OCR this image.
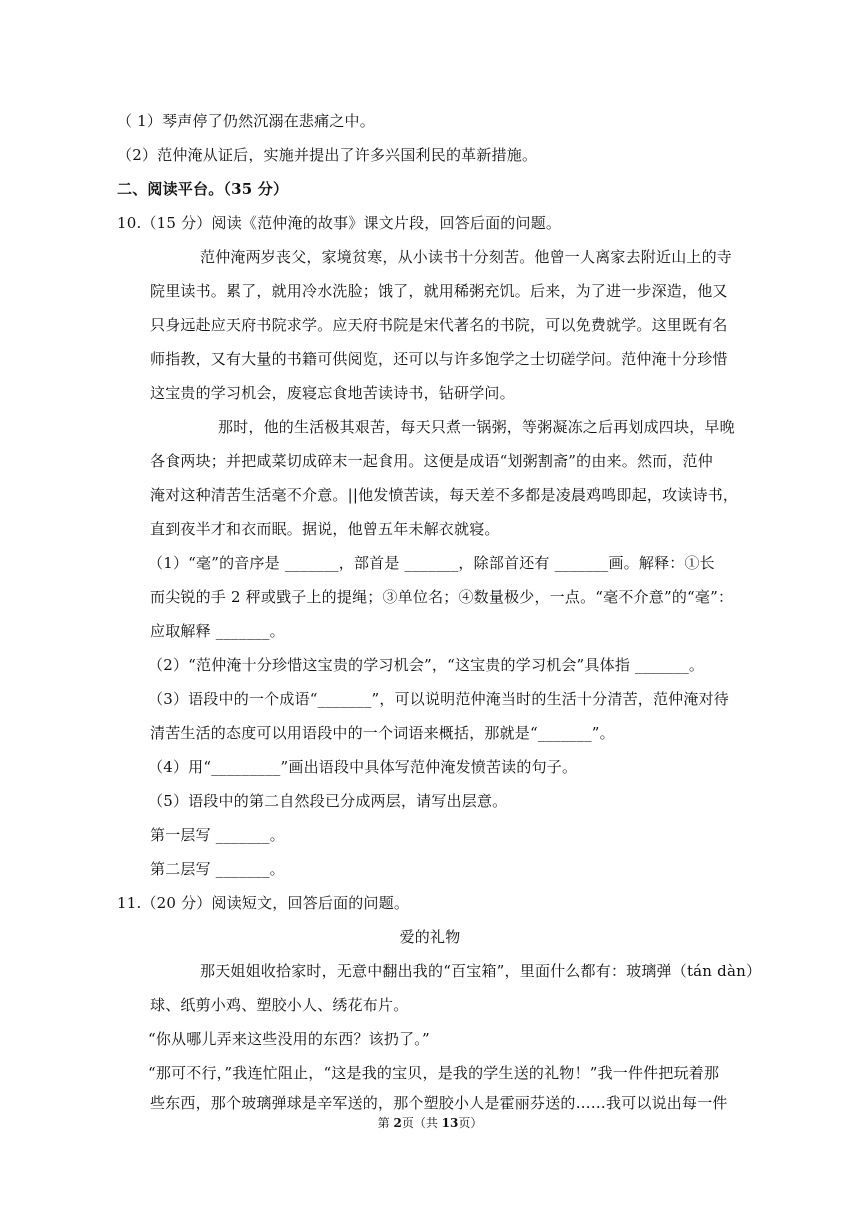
（ 1）琴声停了仍然沉溺在悲痛之中。
（2）范仲淹从证后，实施并提出了许多兴国利民的革新措施。
二、阅读平台。（35 分）
10.（15 分）阅读《范仲淹的故事》课文片段，回答后面的问题。
范仲淹两岁丧父，家境贫寒，从小读书十分刻苦。他曾一人离家去附近山上的寺
院里读书。累了，就用冷水洗脸；饿了，就用稀粥充饥。后来，为了进一步深造，他又
只身远赴应天府书院求学。应天府书院是宋代著名的书院，可以免费就学。这里既有名
师指教，又有大量的书籍可供阅览，还可以与许多饱学之士切磋学问。范仲淹十分珍惜
这宝贵的学习机会，废寝忘食地苦读诗书，钻研学问。
那时，他的生活极其艰苦，每天只煮一锅粥，等粥凝冻之后再划成四块，早晚
各食两块；并把咸菜切成碎末一起食用。这便是成语“划粥割斋”的由来。然而，范仲
淹对这种清苦生活毫不介意。||他发愤苦读，每天差不多都是凌晨鸡鸣即起，攻读诗书，
直到夜半才和衣而眠。据说，他曾五年未解衣就寝。
（1）“毫”的音序是 _______，部首是 _______，除部首还有 _______画。解释：①长
而尖锐的手 2 秤或戥子上的提绳；③单位名；④数量极少，一点。“毫不介意”的“毫”：
应取解释 _______。
（2）“范仲淹十分珍惜这宝贵的学习机会”，“这宝贵的学习机会”具体指 _______。
（3）语段中的一个成语“_______”，可以说明范仲淹当时的生活十分清苦，范仲淹对待
清苦生活的态度可以用语段中的一个词语来概括，那就是“_______”。
（4）用“_________”画出语段中具体写范仲淹发愤苦读的句子。
（5）语段中的第二自然段已分成两层，请写出层意。
第一层写 _______。
第二层写 _______。
11.（20 分）阅读短文，回答后面的问题。
爱的礼物
那天姐姐收拾家时，无意中翻出我的“百宝箱”，里面什么都有：玻璃弹（tán dàn）
球、纸剪小鸡、塑胶小人、绣花布片。
“你从哪儿弄来这些没用的东西？该扔了。”
“那可不行，”我连忙阻止，“这是我的宝贝，是我的学生送的礼物！”我一件件把玩着那
些东西，那个玻璃弹球是辛军送的，那个塑胶小人是霍丽芬送的……我可以说出每一件
第 2页（共 13页）
